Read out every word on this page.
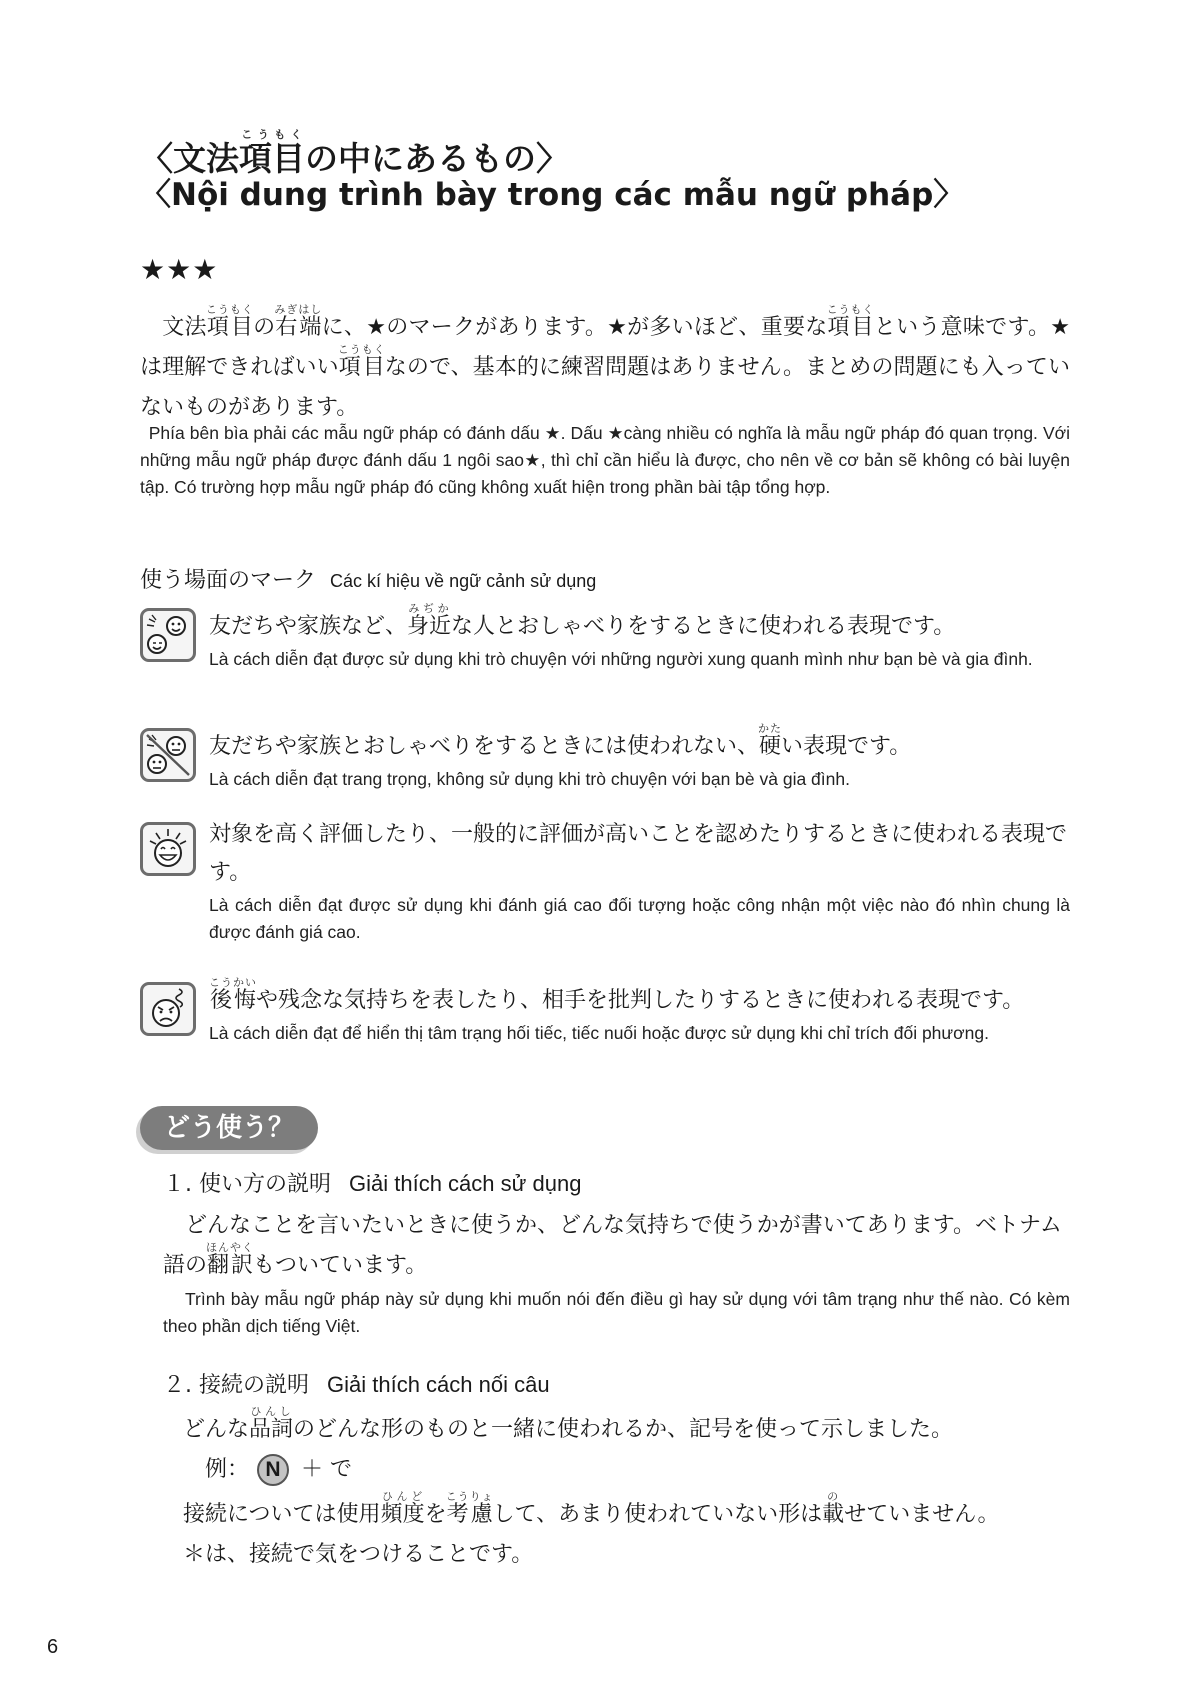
〈文法項目こうもくの中にあるもの〉
〈Nội dung trình bày trong các mẫu ngữ pháp〉
★★★
 文法項目こうもくの右端みぎはしに、★のマークがあります。★が多いほど、重要な項目こうもくという意味です。★は理解できればいい項目こうもくなので、基本的に練習問題はありません。まとめの問題にも入っていないものがあります。
 Phía bên bìa phải các mẫu ngữ pháp có đánh dấu ★. Dấu ★càng nhiều có nghĩa là mẫu ngữ pháp đó quan trọng. Với những mẫu ngữ pháp được đánh dấu 1 ngôi sao★, thì chỉ cần hiểu là được, cho nên về cơ bản sẽ không có bài luyện tập. Có trường hợp mẫu ngữ pháp đó cũng không xuất hiện trong phần bài tập tổng hợp.
使う場面のマーク Các kí hiệu về ngữ cảnh sử dụng
友だちや家族など、身近みぢかな人とおしゃべりをするときに使われる表現です。
Là cách diễn đạt được sử dụng khi trò chuyện với những người xung quanh mình như bạn bè và gia đình.
友だちや家族とおしゃべりをするときには使われない、硬かたい表現です。
Là cách diễn đạt trang trọng, không sử dụng khi trò chuyện với bạn bè và gia đình.
対象を高く評価したり、一般的に評価が高いことを認めたりするときに使われる表現です。
Là cách diễn đạt được sử dụng khi đánh giá cao đối tượng hoặc công nhận một việc nào đó nhìn chung là được đánh giá cao.
後悔こうかいや残念な気持ちを表したり、相手を批判したりするときに使われる表現です。
Là cách diễn đạt để hiển thị tâm trạng hối tiếc, tiếc nuối hoặc được sử dụng khi chỉ trích đối phương.
どう使う？
１. 使い方の説明 Giải thích cách sử dụng
どんなことを言いたいときに使うか、どんな気持ちで使うかが書いてあります。ベトナム語の翻訳ほんやくもついています。
Trình bày mẫu ngữ pháp này sử dụng khi muốn nói đến điều gì hay sử dụng với tâm trạng như thế nào. Có kèm theo phần dịch tiếng Việt.
２. 接続の説明 Giải thích cách nối câu
どんな品詞ひんしのどんな形のものと一緒に使われるか、記号を使って示しました。
例： N ＋ で
接続については使用頻度ひんどを考慮こうりょして、あまり使われていない形は載のせていません。
＊は、接続で気をつけることです。
6
